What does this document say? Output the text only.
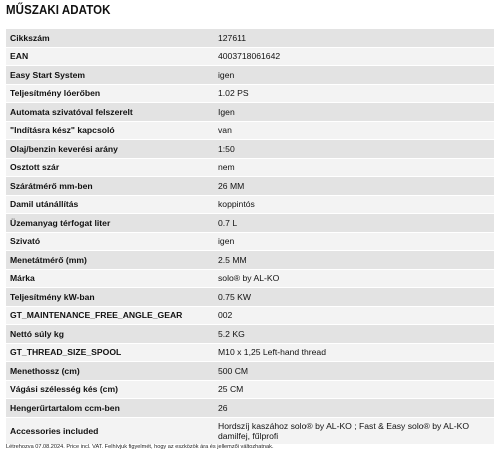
MŰSZAKI ADATOK
Cikkszám	127611
EAN	4003718061642
Easy Start System	igen
Teljesítmény lóerőben	1.02 PS
Automata szivatóval felszerelt	Igen
"Indításra kész" kapcsoló	van
Olaj/benzin keverési arány	1:50
Osztott szár	nem
Szárátmérő mm-ben	26 MM
Damil utánállítás	koppintós
Üzemanyag térfogat liter	0.7 L
Szivató	igen
Menetátmérő (mm)	2.5 MM
Márka	solo® by AL-KO
Teljesítmény kW-ban	0.75 KW
GT_MAINTENANCE_FREE_ANGLE_GEAR	002
Nettó súly kg	5.2 KG
GT_THREAD_SIZE_SPOOL	M10 x 1,25 Left-hand thread
Menethossz (cm)	500 CM
Vágási szélesség kés (cm)	25 CM
Hengerűrtartalom ccm-ben	26
Accessories included	Hordszíj kaszához solo® by AL-KO ; Fast & Easy solo® by AL-KO damilfej, fűlprofi
Létrehozva 07.08.2024. Price incl. VAT. Felhívjuk figyelmét, hogy az eszközök ára és jellemzői változhatnak.
